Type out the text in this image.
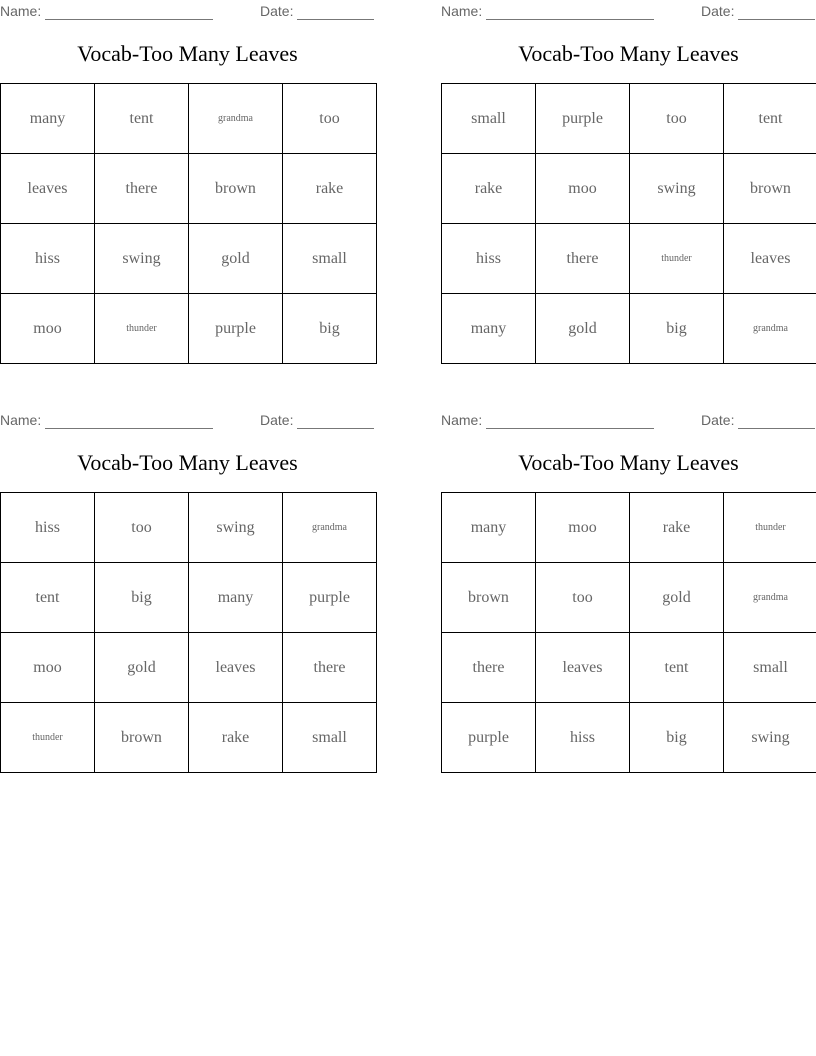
Name:	Date:
Vocab-Too Many Leaves
many	tent	grandma	too
leaves	there	brown	rake
hiss	swing	gold	small
moo	thunder	purple	big
Name:	Date:
Vocab-Too Many Leaves
small	purple	too	tent
rake	moo	swing	brown
hiss	there	thunder	leaves
many	gold	big	grandma
Name:	Date:
Vocab-Too Many Leaves
hiss	too	swing	grandma
tent	big	many	purple
moo	gold	leaves	there
thunder	brown	rake	small
Name:	Date:
Vocab-Too Many Leaves
many	moo	rake	thunder
brown	too	gold	grandma
there	leaves	tent	small
purple	hiss	big	swing
